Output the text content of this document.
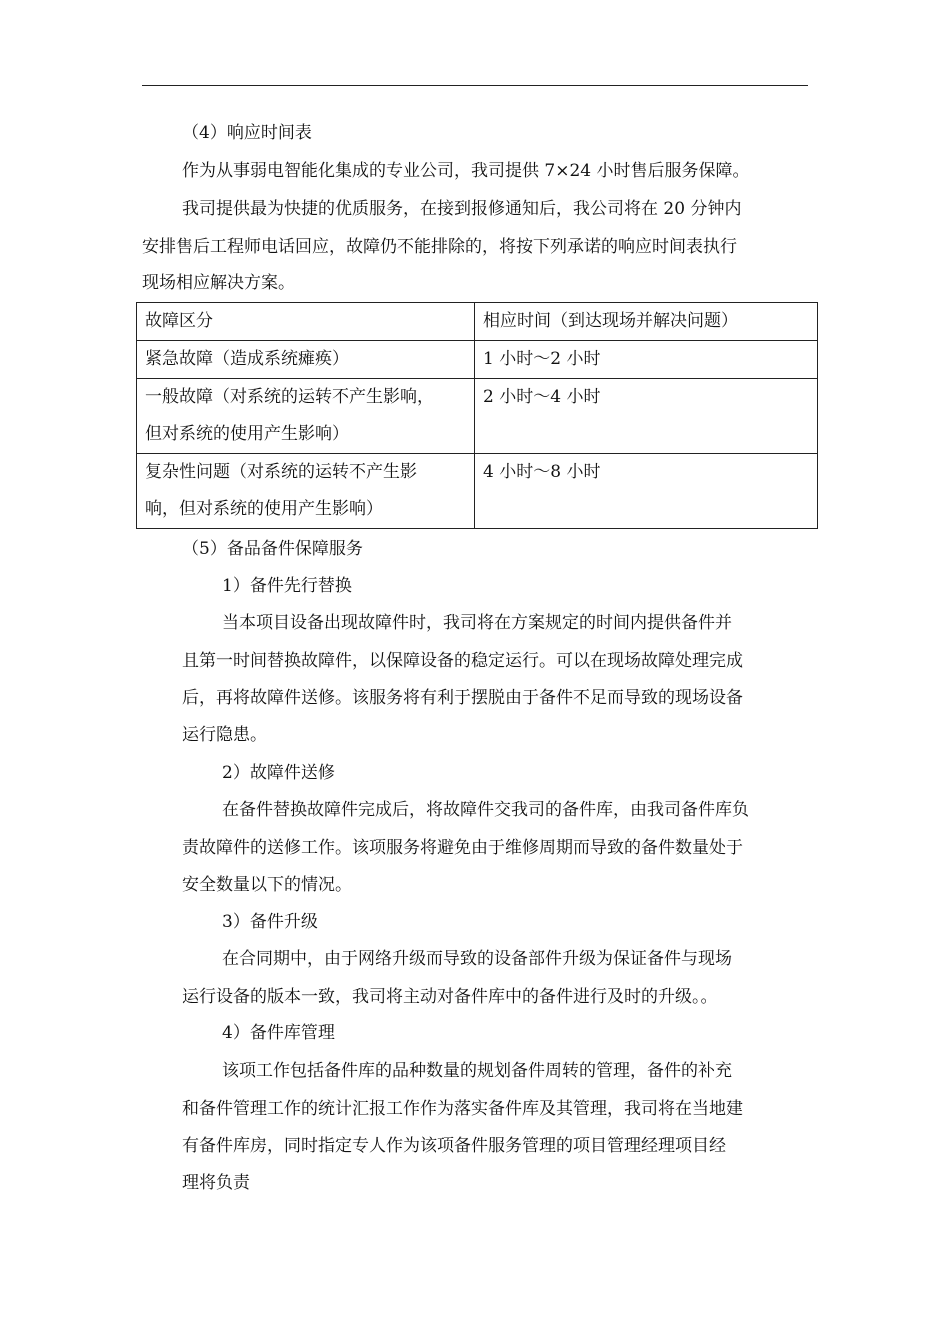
（4）响应时间表
作为从事弱电智能化集成的专业公司，我司提供 7×24 小时售后服务保障。
我司提供最为快捷的优质服务，在接到报修通知后，我公司将在 20 分钟内
安排售后工程师电话回应，故障仍不能排除的，将按下列承诺的响应时间表执行
现场相应解决方案。
故障区分	相应时间（到达现场并解决问题）

紧急故障（造成系统瘫痪）	1 小时～2 小时

一般故障（对系统的运转不产生影响，
但对系统的使用产生影响）	2 小时～4 小时

复杂性问题（对系统的运转不产生影
响，但对系统的使用产生影响）	4 小时～8 小时
（5）备品备件保障服务
1）备件先行替换
当本项目设备出现故障件时，我司将在方案规定的时间内提供备件并
且第一时间替换故障件，以保障设备的稳定运行。可以在现场故障处理完成
后，再将故障件送修。该服务将有利于摆脱由于备件不足而导致的现场设备
运行隐患。
2）故障件送修
在备件替换故障件完成后，将故障件交我司的备件库，由我司备件库负
责故障件的送修工作。该项服务将避免由于维修周期而导致的备件数量处于
安全数量以下的情况。
3）备件升级
在合同期中，由于网络升级而导致的设备部件升级为保证备件与现场
运行设备的版本一致，我司将主动对备件库中的备件进行及时的升级。。
4）备件库管理
该项工作包括备件库的品种数量的规划备件周转的管理，备件的补充
和备件管理工作的统计汇报工作作为落实备件库及其管理，我司将在当地建
有备件库房，同时指定专人作为该项备件服务管理的项目管理经理项目经
理将负责
